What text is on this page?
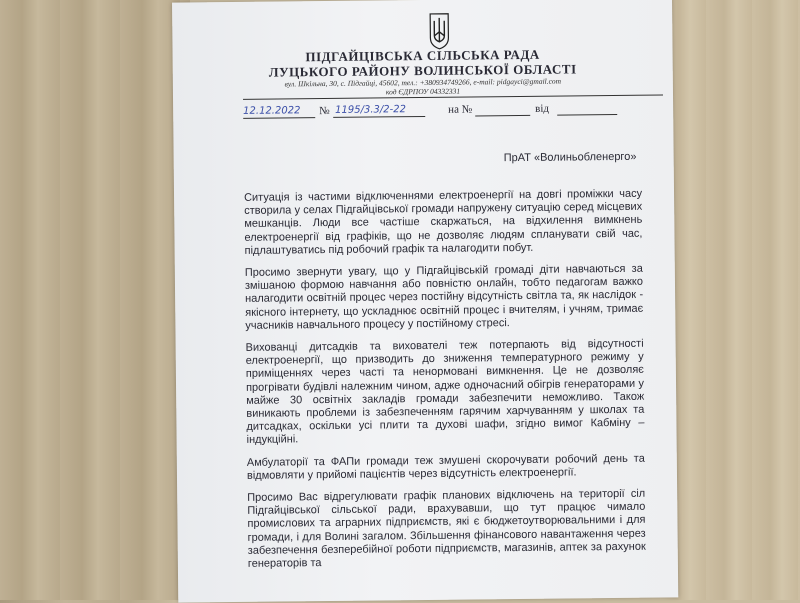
ПІДГАЙЦІВСЬКА СІЛЬСЬКА РАДА
ЛУЦЬКОГО РАЙОНУ ВОЛИНСЬКОЇ ОБЛАСТІ
вул. Шкільна, 30, с. Підгайці, 45602, тел.: +380934749266, e-mail: pidgayci@gmail.com
код ЄДРПОУ 04332331
12.12.2022 № 1195/3.3/2-22	на №	від
ПрАТ «Волиньобленерго»

Ситуація із частими відключеннями електроенергії на довгі проміжки часу створила у селах Підгайцівської громади напружену ситуацію серед місцевих мешканців. Люди все частіше скаржаться, на відхилення вимкнень електроенергії від графіків, що не дозволяє людям спланувати свій час, підлаштуватись під робочий графік та налагодити побут.

Просимо звернути увагу, що у Підгайцівській громаді діти навчаються за змішаною формою навчання або повністю онлайн, тобто педагогам важко налагодити освітній процес через постійну відсутність світла та, як наслідок - якісного інтернету, що ускладнює освітній процес і вчителям, і учням, тримає учасників навчального процесу у постійному стресі.

Вихованці дитсадків та вихователі теж потерпають від відсутності електроенергії, що призводить до зниження температурного режиму у приміщеннях через часті та ненормовані вимкнення. Це не дозволяє прогрівати будівлі належним чином, адже одночасний обігрів генераторами у майже 30 освітніх закладів громади забезпечити неможливо. Також виникають проблеми із забезпеченням гарячим харчуванням у школах та дитсадках, оскільки усі плити та духові шафи, згідно вимог Кабміну – індукційні.

Амбулаторії та ФАПи громади теж змушені скорочувати робочий день та відмовляти у прийомі пацієнтів через відсутність електроенергії.

Просимо Вас відрегулювати графік планових відключень на території сіл Підгайцівської сільської ради, врахувавши, що тут працює чимало промислових та аграрних підприємств, які є бюджетоутворювальними і для громади, і для Волині загалом. Збільшення фінансового навантаження через забезпечення безперебійної роботи підприємств, магазинів, аптек за рахунок генераторів та
